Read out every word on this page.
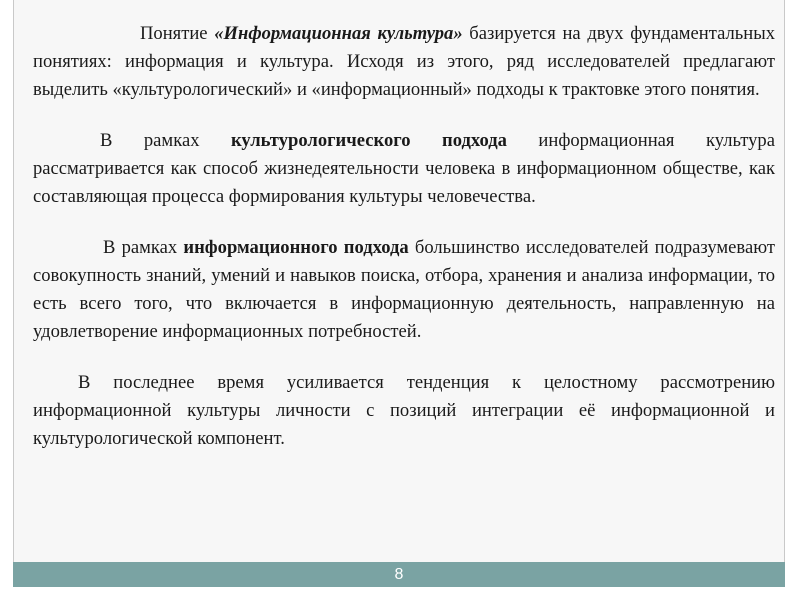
Понятие «Информационная культура» базируется на двух фундаментальных понятиях: информация и культура. Исходя из этого, ряд исследователей предлагают выделить «культурологический» и «информационный» подходы к трактовке этого понятия.

В рамках культурологического подхода информационная культура рассматривается как способ жизнедеятельности человека в информационном обществе, как составляющая процесса формирования культуры человечества.

В рамках информационного подхода большинство исследователей подразумевают совокупность знаний, умений и навыков поиска, отбора, хранения и анализа информации, то есть всего того, что включается в информационную деятельность, направленную на удовлетворение информационных потребностей.

В последнее время усиливается тенденция к целостному рассмотрению информационной культуры личности с позиций интеграции её информационной и культурологической компонент.

8
